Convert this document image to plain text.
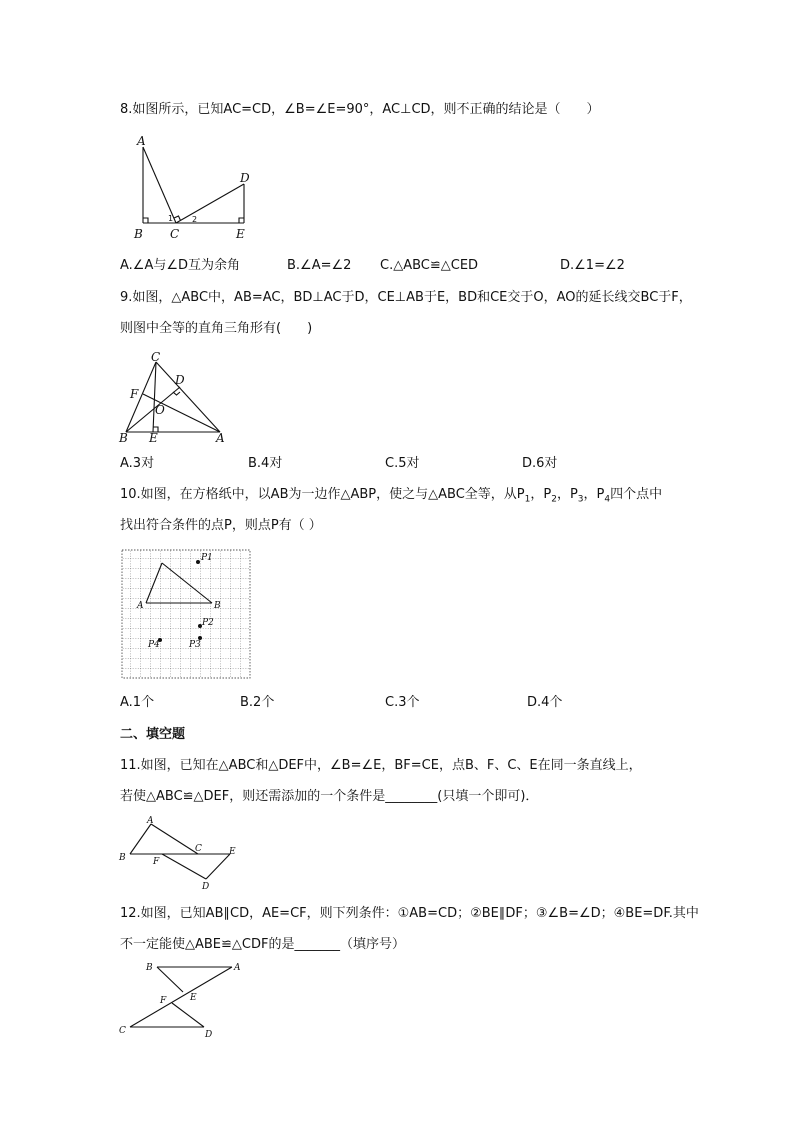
8.如图所示，已知AC=CD，∠B=∠E=90°，AC⊥CD，则不正确的结论是（　　）
A
B C
D
E
1 2
A.∠A与∠D互为余角	B.∠A=∠2 C.△ABC≌△CED	D.∠1=∠2
9.如图，△ABC中，AB=AC，BD⊥AC于D，CE⊥AB于E，BD和CE交于O，AO的延长线交BC于F，
则图中全等的直角三角形有(　　)
C
D
F
O
B E	A
A.3对	B.4对	C.5对	D.6对
10.如图，在方格纸中，以AB为一边作△ABP，使之与△ABC全等，从$P_1$，$P_2$，$P_3$，$P_4$四个点中
找出符合条件的点P，则点P有（ ）
A	B
P1
P2
P3
P4
A.1个	B.2个	C.3个	D.4个
二、填空题
11.如图，已知在△ABC和△DEF中，∠B=∠E，BF=CE，点B、F、C、E在同一条直线上，
若使△ABC≌△DEF，则还需添加的一个条件是________(只填一个即可)．
A
B	F
C	E
D
12.如图，已知AB∥CD，AE=CF，则下列条件：①AB=CD；②BE∥DF；③∠B=∠D；④BE=DF.其中
不一定能使△ABE≌△CDF的是_______（填序号）
B	A
F	E
C	D
